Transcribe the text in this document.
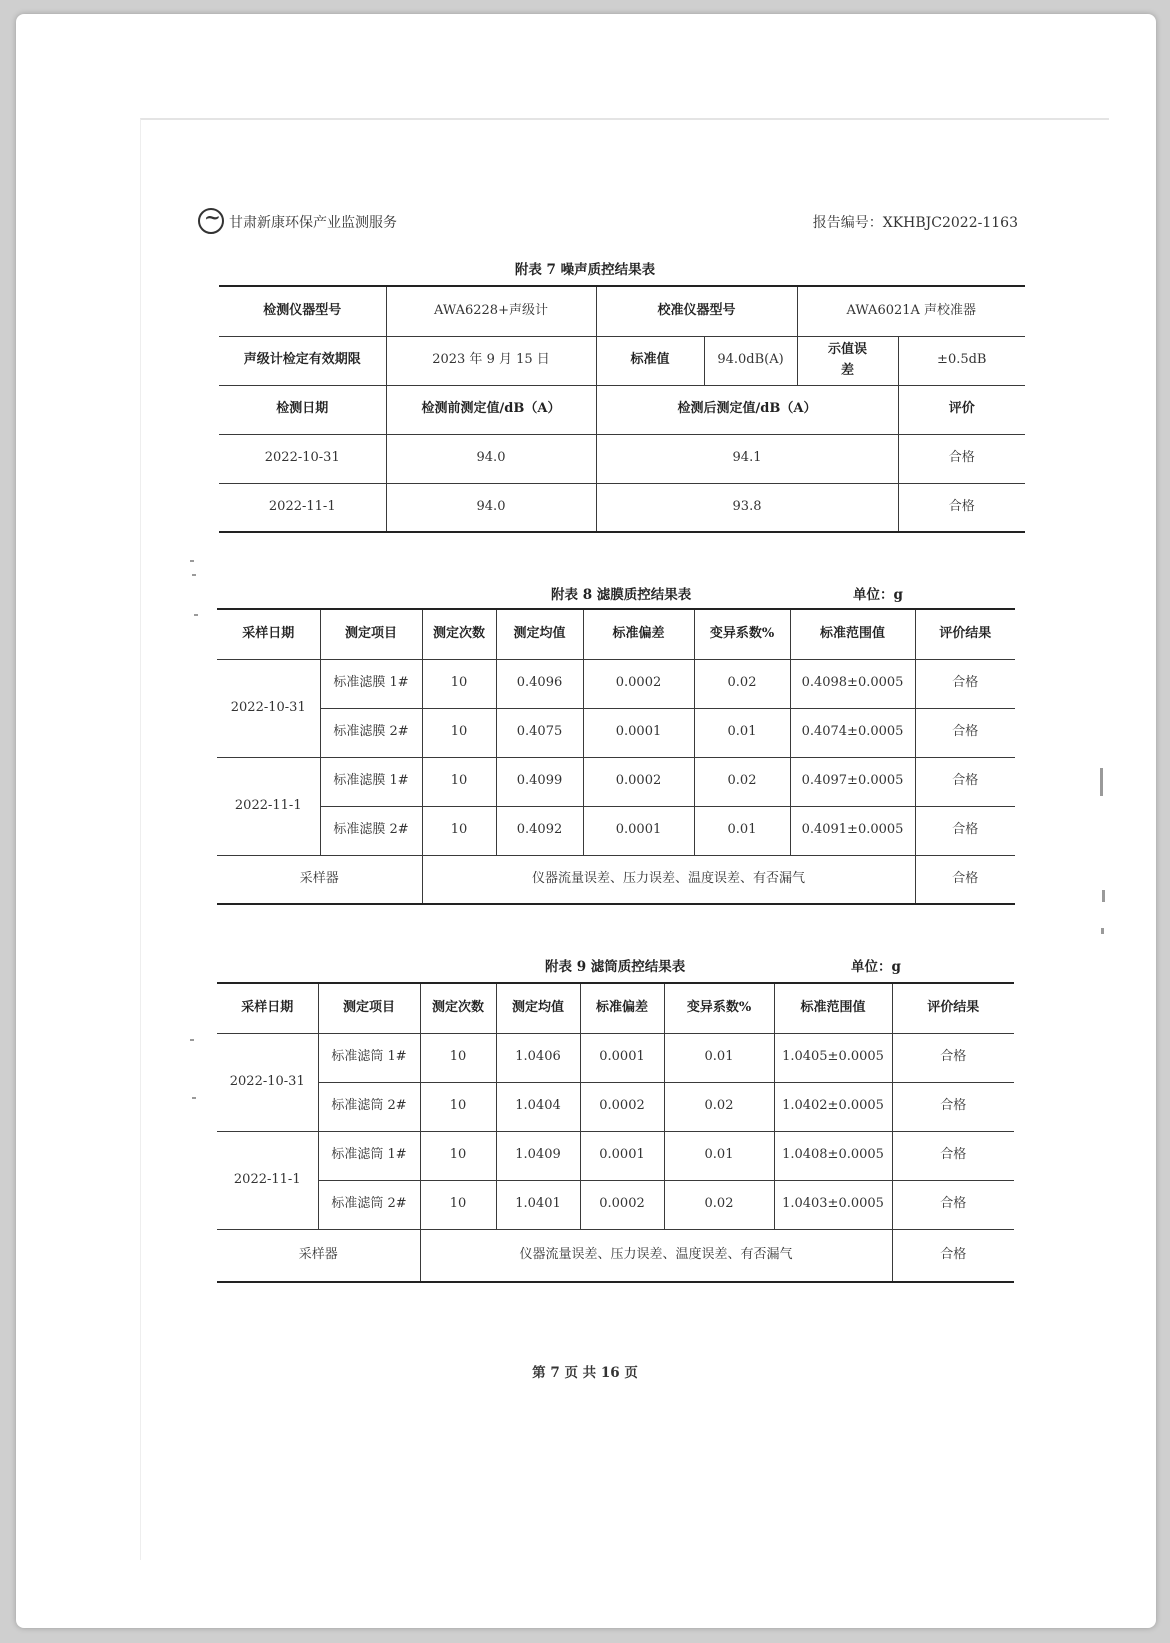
~
甘肃新康环保产业监测服务	报告编号：XKHBJC2022-1163
附表 7 噪声质控结果表
检测仪器型号	AWA6228+声级计	校准仪器型号		AWA6021A 声校准器	
声级计检定有效期限	2023 年 9 月 15 日	标准值	94.0dB(A)	示值误差	±0.5dB
检测日期	检测前测定值/dB（A）	检测后测定值/dB（A）			评价
2022-10-31	94.0	94.1			合格
2022-11-1	94.0	93.8			合格
附表 8 滤膜质控结果表	单位：g
采样日期	测定项目	测定次数	测定均值	标准偏差	变异系数%	标准范围值	评价结果
2022-10-31	标准滤膜 1#	10	0.4096	0.0002	0.02	0.4098±0.0005	合格
	标准滤膜 2#	10	0.4075	0.0001	0.01	0.4074±0.0005	合格
2022-11-1	标准滤膜 1#	10	0.4099	0.0002	0.02	0.4097±0.0005	合格
	标准滤膜 2#	10	0.4092	0.0001	0.01	0.4091±0.0005	合格
采样器		仪器流量误差、压力误差、温度误差、有否漏气					合格
附表 9 滤筒质控结果表	单位：g
采样日期	测定项目	测定次数	测定均值	标准偏差	变异系数%	标准范围值	评价结果
2022-10-31	标准滤筒 1#	10	1.0406	0.0001	0.01	1.0405±0.0005	合格
	标准滤筒 2#	10	1.0404	0.0002	0.02	1.0402±0.0005	合格
2022-11-1	标准滤筒 1#	10	1.0409	0.0001	0.01	1.0408±0.0005	合格
	标准滤筒 2#	10	1.0401	0.0002	0.02	1.0403±0.0005	合格
采样器		仪器流量误差、压力误差、温度误差、有否漏气					合格
第 7 页 共 16 页
